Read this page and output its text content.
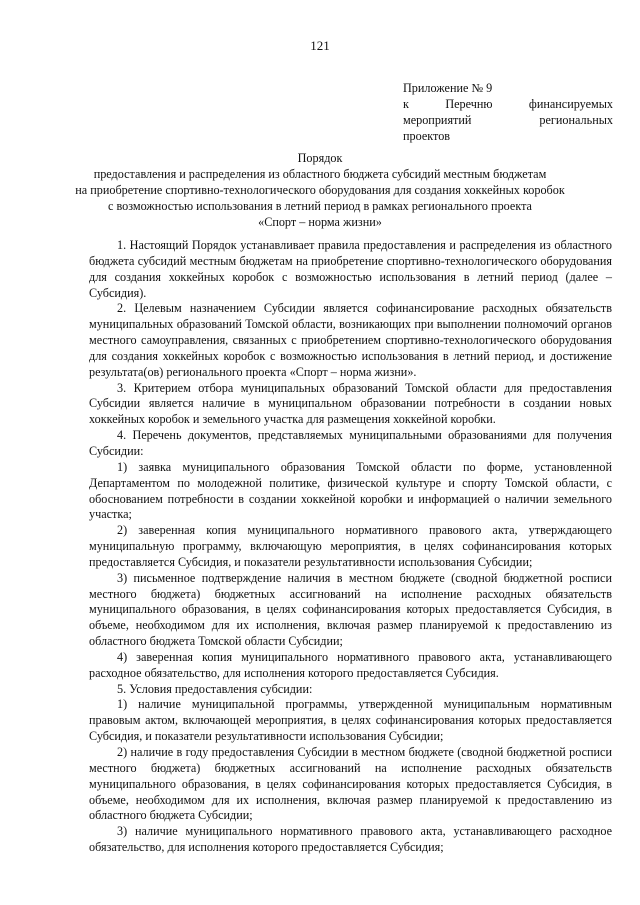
121
Приложение № 9
к Перечню финансируемых
мероприятий региональных
проектов
Порядок
предоставления и распределения из областного бюджета субсидий местным бюджетам
на приобретение спортивно-технологического оборудования для создания хоккейных коробок
с возможностью использования в летний период в рамках регионального проекта
«Спорт – норма жизни»

1. Настоящий Порядок устанавливает правила предоставления и распределения из областного бюджета субсидий местным бюджетам на приобретение спортивно-технологического оборудования для создания хоккейных коробок с возможностью использования в летний период (далее – Субсидия).

2. Целевым назначением Субсидии является софинансирование расходных обязательств муниципальных образований Томской области, возникающих при выполнении полномочий органов местного самоуправления, связанных с приобретением спортивно-технологического оборудования для создания хоккейных коробок с возможностью использования в летний период, и достижение результата(ов) регионального проекта «Спорт – норма жизни».

3. Критерием отбора муниципальных образований Томской области для предоставления Субсидии является наличие в муниципальном образовании потребности в создании новых хоккейных коробок и земельного участка для размещения хоккейной коробки.

4. Перечень документов, представляемых муниципальными образованиями для получения Субсидии:

1) заявка муниципального образования Томской области по форме, установленной Департаментом по молодежной политике, физической культуре и спорту Томской области, с обоснованием потребности в создании хоккейной коробки и информацией о наличии земельного участка;

2) заверенная копия муниципального нормативного правового акта, утверждающего муниципальную программу, включающую мероприятия, в целях софинансирования которых предоставляется Субсидия, и показатели результативности использования Субсидии;

3) письменное подтверждение наличия в местном бюджете (сводной бюджетной росписи местного бюджета) бюджетных ассигнований на исполнение расходных обязательств муниципального образования, в целях софинансирования которых предоставляется Субсидия, в объеме, необходимом для их исполнения, включая размер планируемой к предоставлению из областного бюджета Томской области Субсидии;

4) заверенная копия муниципального нормативного правового акта, устанавливающего расходное обязательство, для исполнения которого предоставляется Субсидия.

5. Условия предоставления субсидии:

1) наличие муниципальной программы, утвержденной муниципальным нормативным правовым актом, включающей мероприятия, в целях софинансирования которых предоставляется Субсидия, и показатели результативности использования Субсидии;

2) наличие в году предоставления Субсидии в местном бюджете (сводной бюджетной росписи местного бюджета) бюджетных ассигнований на исполнение расходных обязательств муниципального образования, в целях софинансирования которых предоставляется Субсидия, в объеме, необходимом для их исполнения, включая размер планируемой к предоставлению из областного бюджета Субсидии;

3) наличие муниципального нормативного правового акта, устанавливающего расходное обязательство, для исполнения которого предоставляется Субсидия;
